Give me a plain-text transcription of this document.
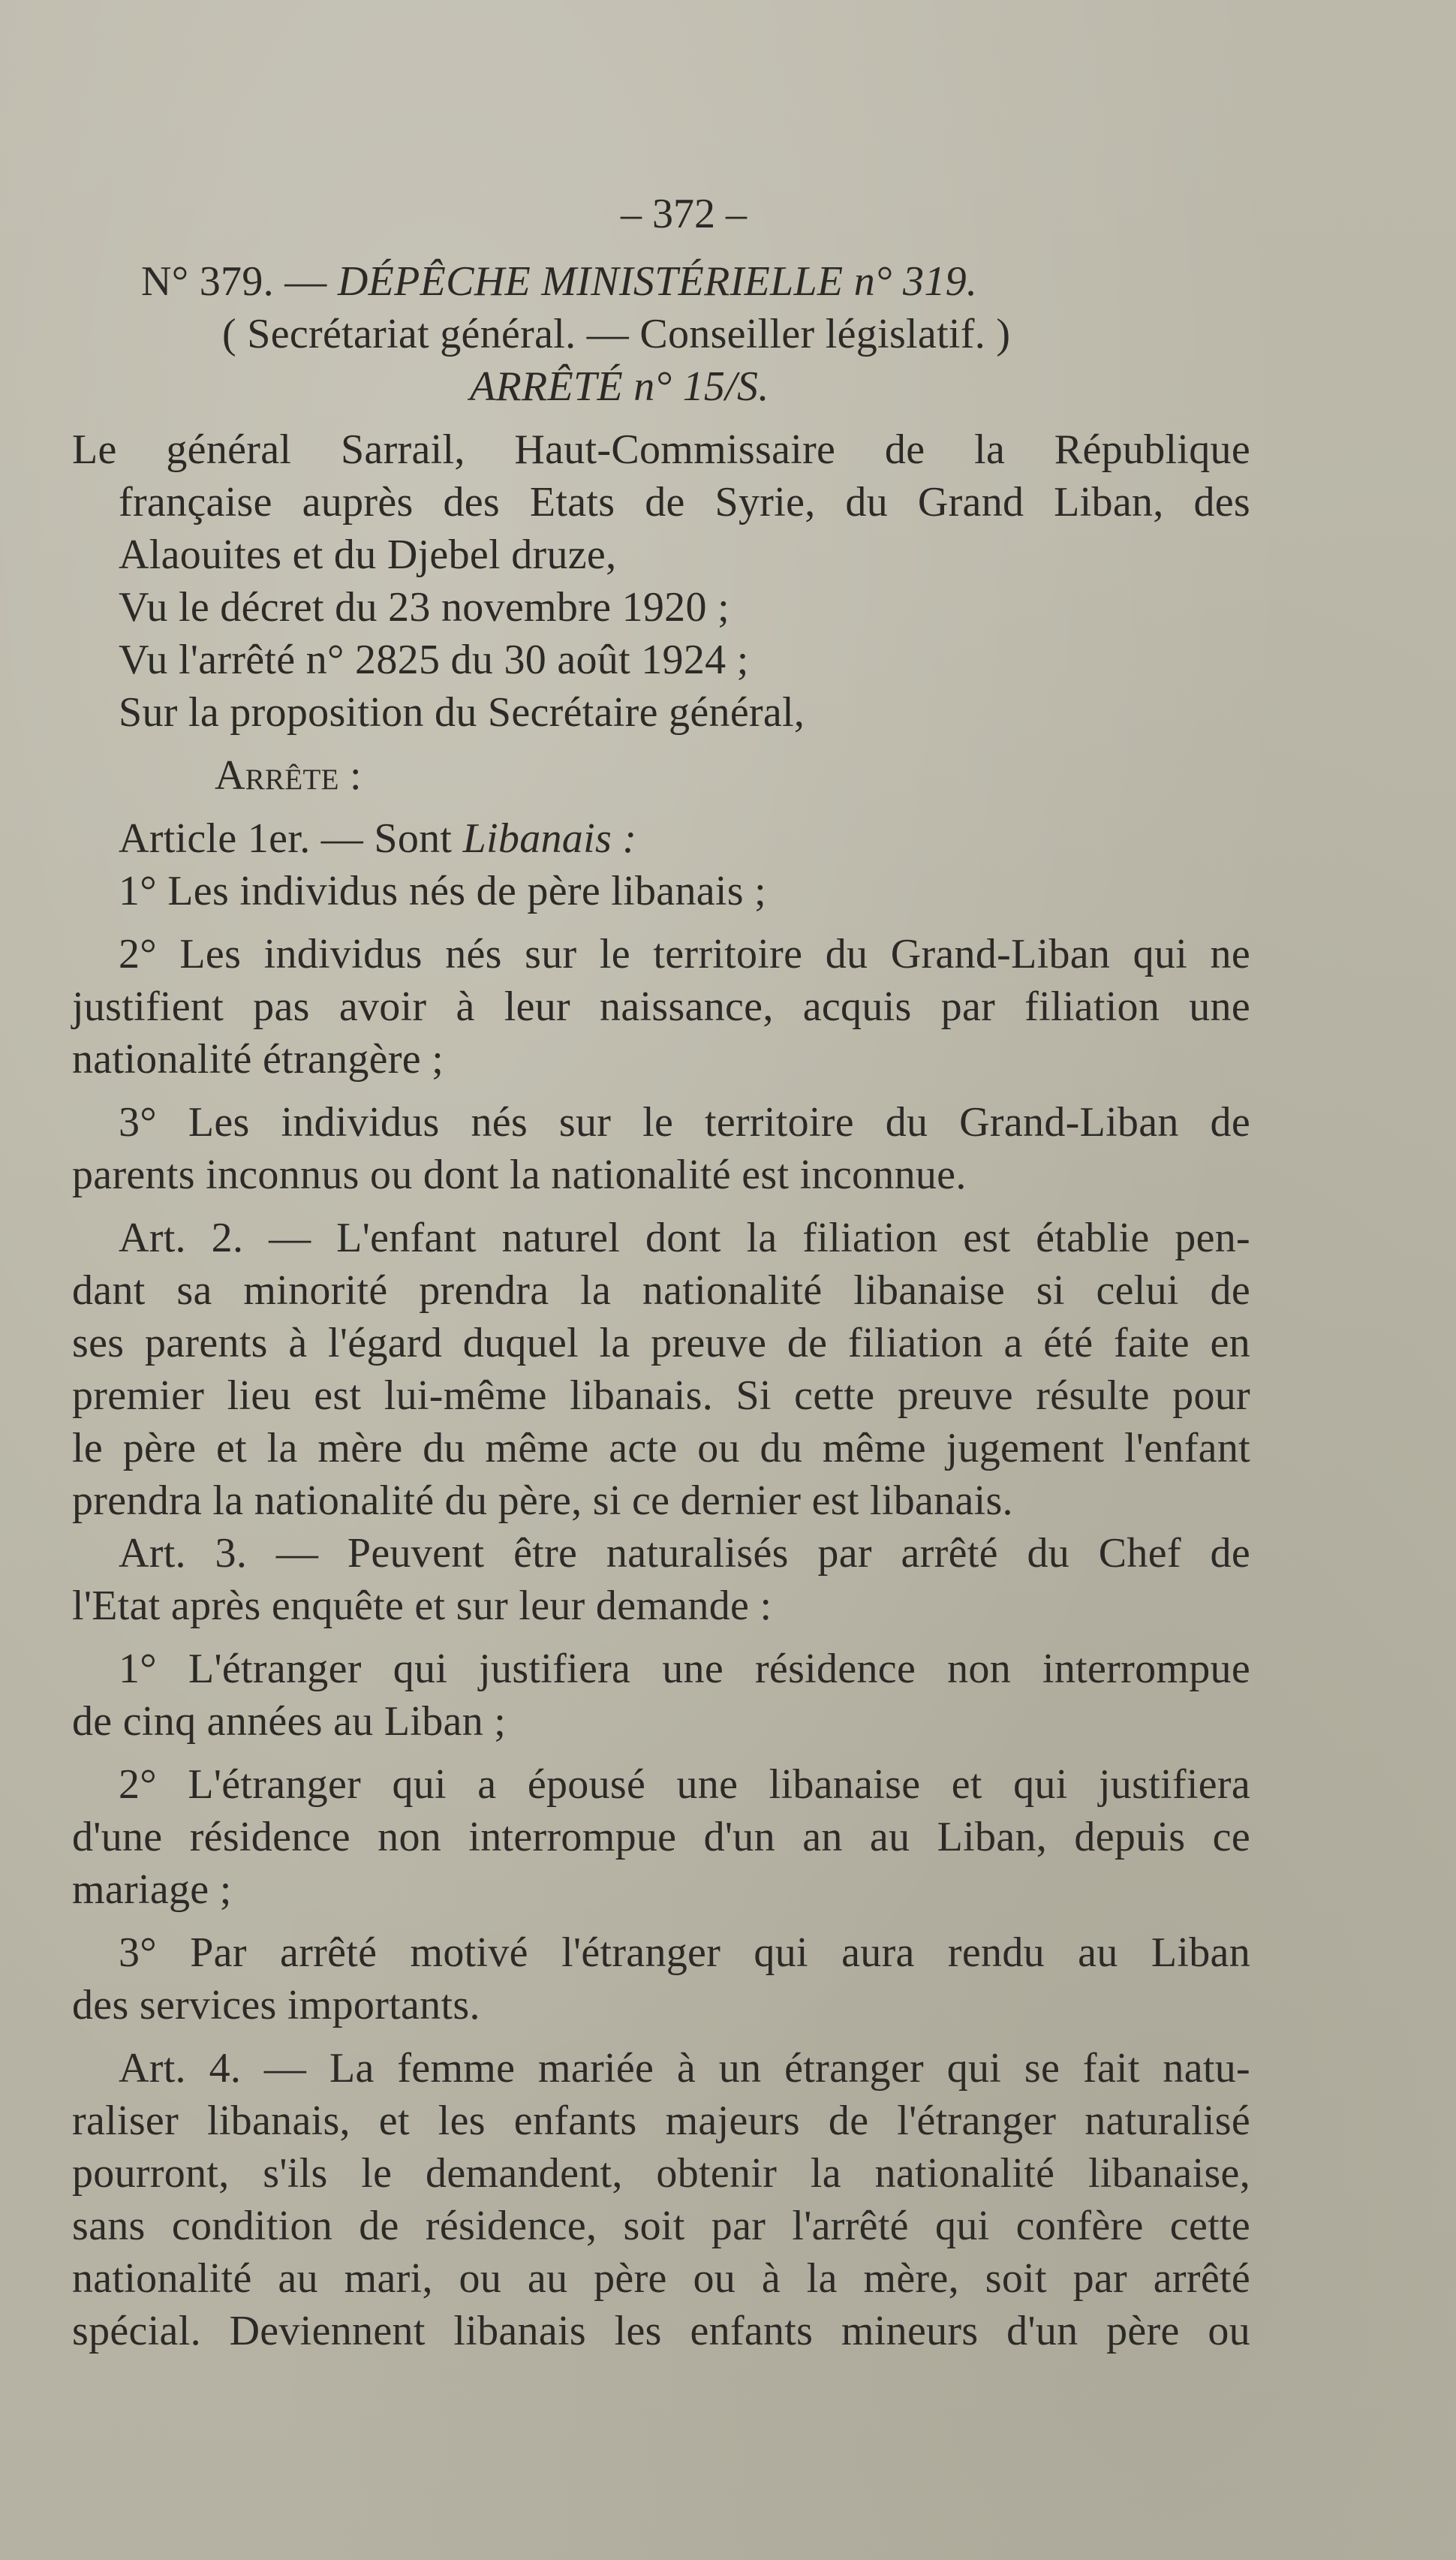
– 372 –
N° 379. — DÉPÊCHE MINISTÉRIELLE n° 319.
( Secrétariat général. — Conseiller législatif. )
ARRÊTÉ n° 15/S.
Le général Sarrail, Haut-Commissaire de la République
française auprès des Etats de Syrie, du Grand Liban, des
Alaouites et du Djebel druze,
Vu le décret du 23 novembre 1920 ;
Vu l'arrêté n° 2825 du 30 août 1924 ;
Sur la proposition du Secrétaire général,
Arrête :
Article 1er. — Sont Libanais :
1° Les individus nés de père libanais ;
2° Les individus nés sur le territoire du Grand-Liban qui ne
justifient pas avoir à leur naissance, acquis par filiation une
nationalité étrangère ;
3° Les individus nés sur le territoire du Grand-Liban de
parents inconnus ou dont la nationalité est inconnue.
Art. 2. — L'enfant naturel dont la filiation est établie pen-
dant sa minorité prendra la nationalité libanaise si celui de
ses parents à l'égard duquel la preuve de filiation a été faite en
premier lieu est lui-même libanais. Si cette preuve résulte pour
le père et la mère du même acte ou du même jugement l'enfant
prendra la nationalité du père, si ce dernier est libanais.
Art. 3. — Peuvent être naturalisés par arrêté du Chef de
l'Etat après enquête et sur leur demande :
1° L'étranger qui justifiera une résidence non interrompue
de cinq années au Liban ;
2° L'étranger qui a épousé une libanaise et qui justifiera
d'une résidence non interrompue d'un an au Liban, depuis ce
mariage ;
3° Par arrêté motivé l'étranger qui aura rendu au Liban
des services importants.
Art. 4. — La femme mariée à un étranger qui se fait natu-
raliser libanais, et les enfants majeurs de l'étranger naturalisé
pourront, s'ils le demandent, obtenir la nationalité libanaise,
sans condition de résidence, soit par l'arrêté qui confère cette
nationalité au mari, ou au père ou à la mère, soit par arrêté
spécial. Deviennent libanais les enfants mineurs d'un père ou
